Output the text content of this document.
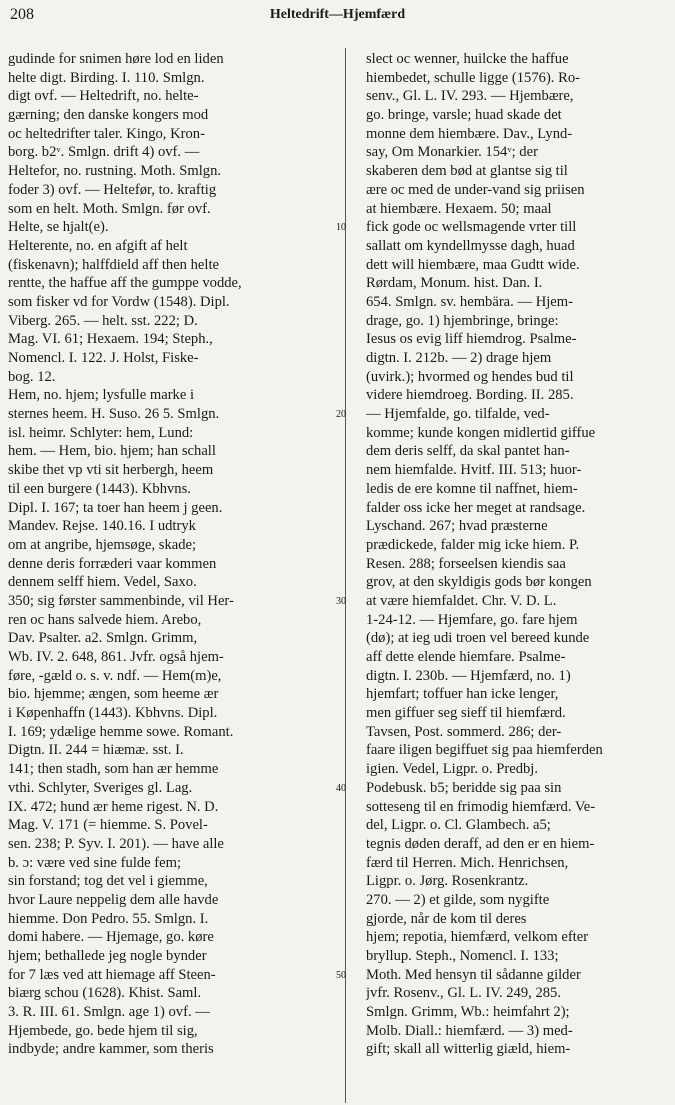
208	Heltedrift—Hjemfærd
gudinde for snimen høre lod en liden
helte digt. Birding. I. 110. Smlgn.
digt ovf. — Heltedrift, no. helte-
gærning; den danske kongers mod
oc heltedrifter taler. Kingo, Kron-
borg. b2ᵛ. Smlgn. drift 4) ovf. —
Heltefor, no. rustning. Moth. Smlgn.
foder 3) ovf. — Heltefør, to. kraftig
som en helt. Moth. Smlgn. før ovf.
Helte, se hjalt(e).
Helterente, no. en afgift af helt
(fiskenavn); halffdield aff then helte
rentte, the haffue aff the gumppe vodde,
som fisker vd for Vordw (1548). Dipl.
Viberg. 265. — helt. sst. 222; D.
Mag. VI. 61; Hexaem. 194; Steph.,
Nomencl. I. 122. J. Holst, Fiske-
bog. 12.
Hem, no. hjem; lysfulle marke i
sternes heem. H. Suso. 26 5. Smlgn.
isl. heimr. Schlyter: hem, Lund:
hem. — Hem, bio. hjem; han schall
skibe thet vp vti sit herbergh, heem
til een burgere (1443). Kbhvns.
Dipl. I. 167; ta toer han heem j geen.
Mandev. Rejse. 140.16. I udtryk
om at angribe, hjemsøge, skade;
denne deris forræderi vaar kommen
dennem selff hiem. Vedel, Saxo.
350; sig førster sammenbinde, vil Her-
ren oc hans salvede hiem. Arebo,
Dav. Psalter. a2. Smlgn. Grimm,
Wb. IV. 2. 648, 861. Jvfr. også hjem-
føre, -gæld o. s. v. ndf. — Hem(m)e,
bio. hjemme; ængen, som heeme ær
i Køpenhaffn (1443). Kbhvns. Dipl.
I. 169; ydælige hemme sowe. Romant.
Digtn. II. 244 = hiæmæ. sst. I.
141; then stadh, som han ær hemme
vthi. Schlyter, Sveriges gl. Lag.
IX. 472; hund ær heme rigest. N. D.
Mag. V. 171 (= hiemme. S. Povel-
sen. 238; P. Syv. I. 201). — have alle
b. ɔ: være ved sine fulde fem;
sin forstand; tog det vel i giemme,
hvor Laure neppelig dem alle havde
hiemme. Don Pedro. 55. Smlgn. I.
domi habere. — Hjemage, go. køre
hjem; bethallede jeg nogle bynder
for 7 læs ved att hiemage aff Steen-
biærg schou (1628). Khist. Saml.
3. R. III. 61. Smlgn. age 1) ovf. —
Hjembede, go. bede hjem til sig,
indbyde; andre kammer, som theris
10
20
30
40
50
slect oc wenner, huilcke the haffue
hiembedet, schulle ligge (1576). Ro-
senv., Gl. L. IV. 293. — Hjembære,
go. bringe, varsle; huad skade det
monne dem hiembære. Dav., Lynd-
say, Om Monarkier. 154ᵛ; der
skaberen dem bød at glantse sig til
ære oc med de under-vand sig priisen
at hiembære. Hexaem. 50; maal
fick gode oc wellsmagende vrter till
sallatt om kyndellmysse dagh, huad
dett will hiembære, maa Gudtt wide.
Rørdam, Monum. hist. Dan. I.
654. Smlgn. sv. hembära. — Hjem-
drage, go. 1) hjembringe, bringe:
Iesus os evig liff hiemdrog. Psalme-
digtn. I. 212b. — 2) drage hjem
(uvirk.); hvormed og hendes bud til
videre hiemdroeg. Bording. II. 285.
— Hjemfalde, go. tilfalde, ved-
komme; kunde kongen midlertid giffue
dem deris selff, da skal pantet han-
nem hiemfalde. Hvitf. III. 513; huor-
ledis de ere komne til naffnet, hiem-
falder oss icke her meget at randsage.
Lyschand. 267; hvad præsterne
prædickede, falder mig icke hiem. P.
Resen. 288; forseelsen kiendis saa
grov, at den skyldigis gods bør kongen
at være hiemfaldet. Chr. V. D. L.
1-24-12. — Hjemfare, go. fare hjem
(dø); at ieg udi troen vel bereed kunde
aff dette elende hiemfare. Psalme-
digtn. I. 230b. — Hjemfærd, no. 1)
hjemfart; toffuer han icke lenger,
men giffuer seg sieff til hiemfærd.
Tavsen, Post. sommerd. 286; der-
faare iligen begiffuet sig paa hiemferden
igien. Vedel, Ligpr. o. Predbj.
Podebusk. b5; beridde sig paa sin
sotteseng til en frimodig hiemfærd. Ve-
del, Ligpr. o. Cl. Glambech. a5;
tegnis døden deraff, ad den er en hiem-
færd til Herren. Mich. Henrichsen,
Ligpr. o. Jørg. Rosenkrantz.
270. — 2) et gilde, som nygifte
gjorde, når de kom til deres
hjem; repotia, hiemfærd, velkom efter
bryllup. Steph., Nomencl. I. 133;
Moth. Med hensyn til sådanne gilder
jvfr. Rosenv., Gl. L. IV. 249, 285.
Smlgn. Grimm, Wb.: heimfahrt 2);
Molb. Diall.: hiemfærd. — 3) med-
gift; skall all witterlig giæld, hiem-
